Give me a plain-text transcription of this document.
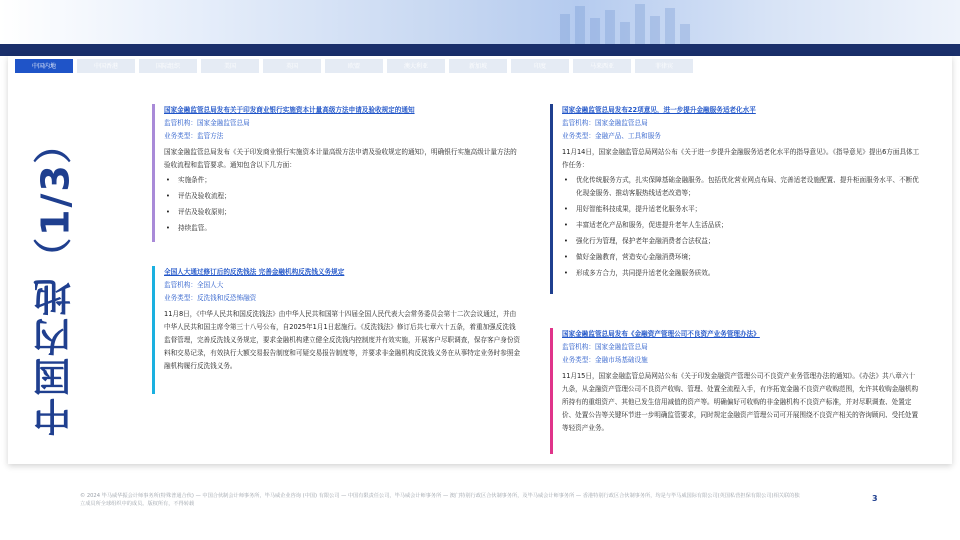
中国内地	中国香港	国际组织	美国	英国	欧盟	澳大利亚	新加坡	印度	马来西亚	菲律宾
中国内地（1/3）
国家金融监管总局发布关于印发商业银行实施资本计量高级方法申请及验收规定的通知
监管机构：国家金融监管总局
业务类型：监管方法
国家金融监管总局发布《关于印发商业银行实施资本计量高级方法申请及验收规定的通知》，明确银行实施高级计量方法的验收流程和监管要求。通知包含以下几方面：
• 实施条件；
• 评估及验收流程；
• 评估及验收原则；
• 持续监管。
全国人大通过修订后的反洗钱法 完善金融机构反洗钱义务规定
监管机构：全国人大
业务类型：反洗钱和反恐怖融资
11月8日，《中华人民共和国反洗钱法》由中华人民共和国第十四届全国人民代表大会常务委员会第十二次会议通过，并由中华人民共和国主席令第三十八号公布，自2025年1月1日起施行。《反洗钱法》修订后共七章六十五条，着重加强反洗钱监督管理，完善反洗钱义务规定，要求金融机构建立健全反洗钱内控制度并有效实施，开展客户尽职调查，保存客户身份资料和交易记录，有效执行大额交易报告制度和可疑交易报告制度等，并要求非金融机构反洗钱义务在从事特定业务时参照金融机构履行反洗钱义务。
国家金融监管总局发布22项意见，进一步提升金融服务适老化水平
监管机构：国家金融监管总局
业务类型：金融产品、工具和服务
11月14日，国家金融监管总局网站公布《关于进一步提升金融服务适老化水平的指导意见》。《指导意见》提出6方面具体工作任务：
• 优化传统服务方式，扎实保障基础金融服务。包括优化营业网点布局、完善适老设施配置、提升柜面服务水平、不断优化现金服务、推动客服热线适老改造等；
• 用好智能科技成果，提升适老化服务水平；
• 丰富适老化产品和服务，促进提升老年人生活品质；
• 强化行为管理，保护老年金融消费者合法权益；
• 做好金融教育，营造安心金融消费环境；
• 形成多方合力，共同提升适老化金融服务质效。
国家金融监管总局发布《金融资产管理公司不良资产业务管理办法》
监管机构：国家金融监管总局
业务类型：金融市场基础设施
11月15日，国家金融监管总局网站公布《关于印发金融资产管理公司不良资产业务管理办法的通知》。《办法》共八章六十九条，从金融资产管理公司不良资产收购、管理、处置全流程入手，有序拓宽金融不良资产收购范围，允许其收购金融机构所持有的重组资产、其他已发生信用减值的资产等。明确偏好可收购的非金融机构不良资产标准，并对尽职调查、处置定价、处置公告等关键环节进一步明确监管要求，同时规定金融资产管理公司可开展围绕不良资产相关的咨询顾问、受托处置等轻资产业务。
© 2024 毕马威华振会计师事务所(特殊普通合伙) — 中国合伙制会计师事务所，毕马威企业咨询 (中国) 有限公司 — 中国有限责任公司，毕马威会计师事务所 — 澳门特别行政区合伙制事务所，及毕马威会计师事务所 — 香港特别行政区合伙制事务所，均是与毕马威国际有限公司(英国私营担保有限公司)相关联的独立成员所全球组织中的成员。版权所有，不得转载
3
